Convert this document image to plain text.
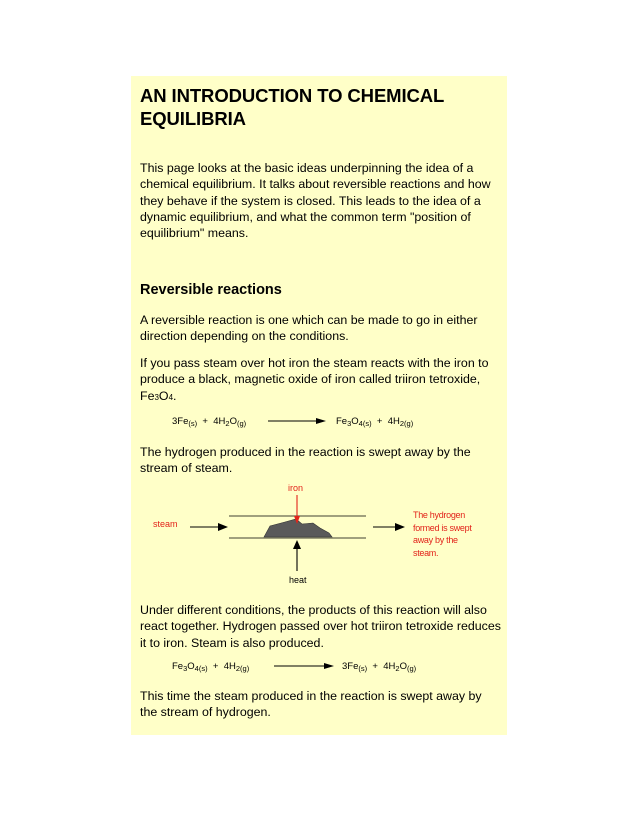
AN INTRODUCTION TO CHEMICAL EQUILIBRIA

This page looks at the basic ideas underpinning the idea of a chemical equilibrium. It talks about reversible reactions and how they behave if the system is closed. This leads to the idea of a dynamic equilibrium, and what the common term "position of equilibrium" means.

Reversible reactions

A reversible reaction is one which can be made to go in either direction depending on the conditions.

If you pass steam over hot iron the steam reacts with the iron to produce a black, magnetic oxide of iron called triiron tetroxide, Fe3O4.

$3Fe_{(s)} + 4H_2O_{(g)}$	$Fe_3O_{4(s)} + 4H_{2(g)}$

The hydrogen produced in the reaction is swept away by the stream of steam.

iron
steam
heat
The hydrogen
formed is swept
away by the
steam.

Under different conditions, the products of this reaction will also react together. Hydrogen passed over hot triiron tetroxide reduces it to iron. Steam is also produced.

$Fe_3O_{4(s)} + 4H_{2(g)}$	$3Fe_{(s)} + 4H_2O_{(g)}$

This time the steam produced in the reaction is swept away by the stream of hydrogen.
